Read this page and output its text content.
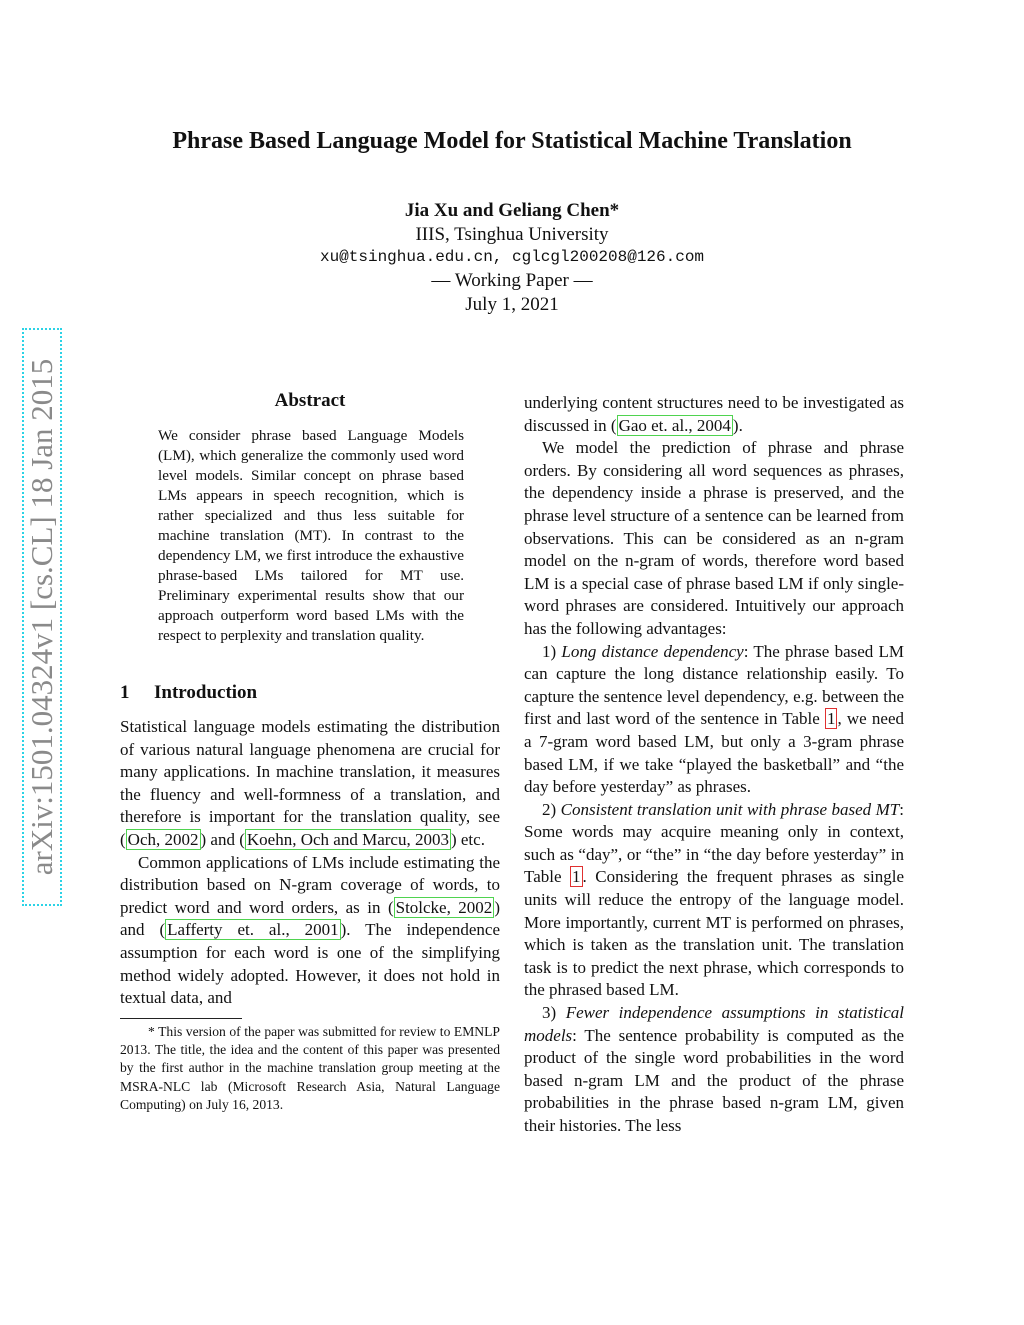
arXiv:1501.04324v1 [cs.CL] 18 Jan 2015
Phrase Based Language Model for Statistical Machine Translation
Jia Xu and Geliang Chen*
IIIS, Tsinghua University
xu@tsinghua.edu.cn, cglcgl200208@126.com
— Working Paper —
July 1, 2021
Abstract

We consider phrase based Language Models (LM), which generalize the commonly used word level models. Similar concept on phrase based LMs appears in speech recognition, which is rather specialized and thus less suitable for machine translation (MT). In contrast to the dependency LM, we first introduce the exhaustive phrase-based LMs tailored for MT use. Preliminary experimental results show that our approach outperform word based LMs with the respect to perplexity and translation quality.

1 Introduction

Statistical language models estimating the distribution of various natural language phenomena are crucial for many applications. In machine translation, it measures the fluency and well-formness of a translation, and therefore is important for the translation quality, see ( Och, 2002 ) and ( Koehn, Och and Marcu, 2003 ) etc.

Common applications of LMs include estimating the distribution based on N-gram coverage of words, to predict word and word orders, as in ( Stolcke, 2002 ) and ( Lafferty et. al., 2001 ). The independence assumption for each word is one of the simplifying method widely adopted. However, it does not hold in textual data, and

* This version of the paper was submitted for review to EMNLP 2013. The title, the idea and the content of this paper was presented by the first author in the machine translation group meeting at the MSRA-NLC lab (Microsoft Research Asia, Natural Language Computing) on July 16, 2013.

underlying content structures need to be investigated as discussed in ( Gao et. al., 2004 ).

We model the prediction of phrase and phrase orders. By considering all word sequences as phrases, the dependency inside a phrase is preserved, and the phrase level structure of a sentence can be learned from observations. This can be considered as an n-gram model on the n-gram of words, therefore word based LM is a special case of phrase based LM if only single-word phrases are considered. Intuitively our approach has the following advantages:

1) Long distance dependency: The phrase based LM can capture the long distance relationship easily. To capture the sentence level dependency, e.g. between the first and last word of the sentence in Table 1 , we need a 7-gram word based LM, but only a 3-gram phrase based LM, if we take “played the basketball” and “the day before yesterday” as phrases.

2) Consistent translation unit with phrase based MT: Some words may acquire meaning only in context, such as “day”, or “the” in “the day before yesterday” in Table 1 . Considering the frequent phrases as single units will reduce the entropy of the language model. More importantly, current MT is performed on phrases, which is taken as the translation unit. The translation task is to predict the next phrase, which corresponds to the phrased based LM.

3) Fewer independence assumptions in statistical models: The sentence probability is computed as the product of the single word probabilities in the word based n-gram LM and the product of the phrase probabilities in the phrase based n-gram LM, given their histories. The less
